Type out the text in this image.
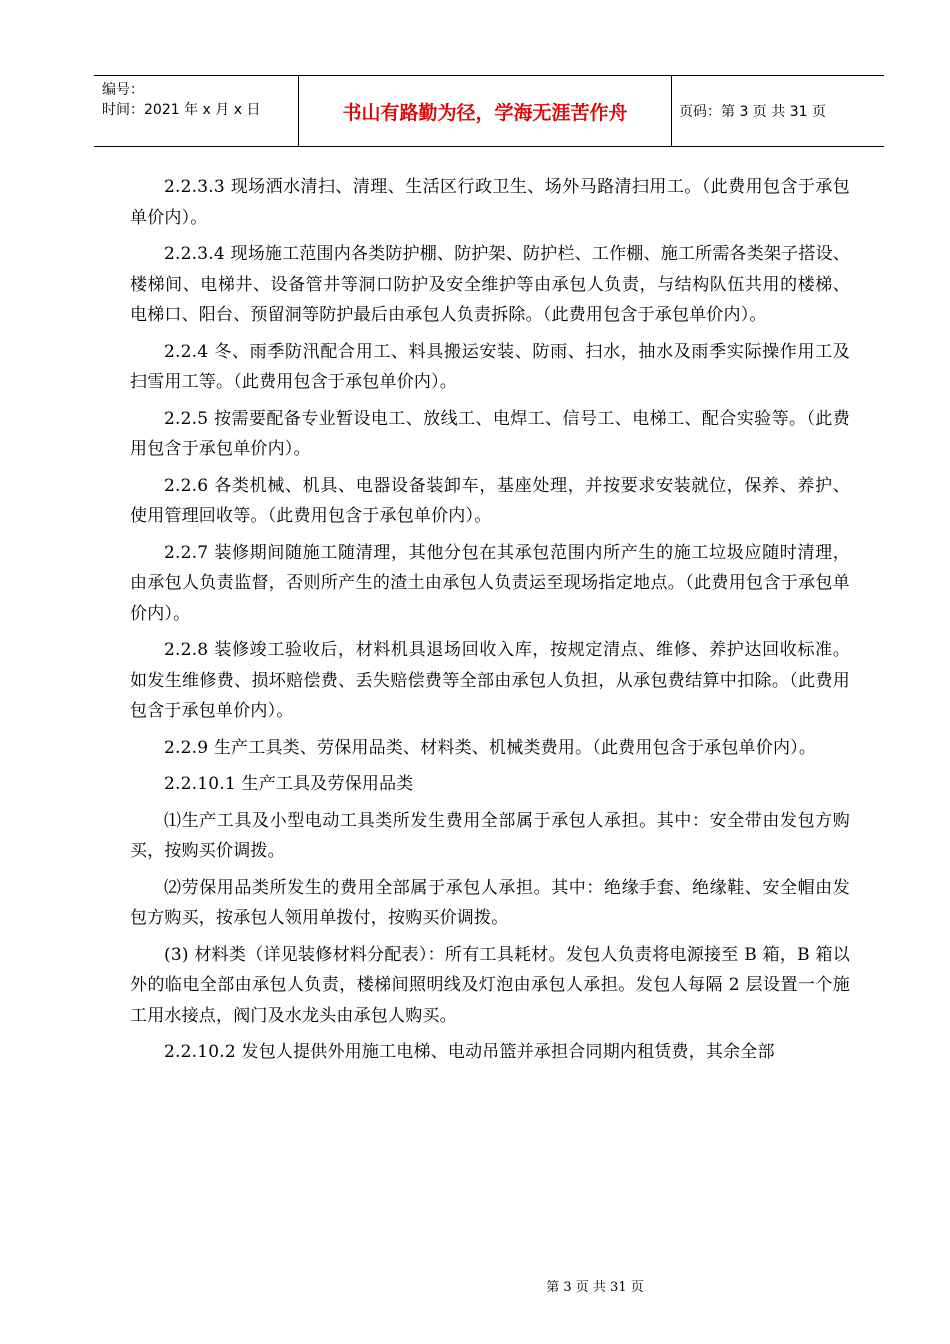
编号：
时间：2021 年 x 月 x 日	书山有路勤为径，学海无涯苦作舟	页码：第 3 页 共 31 页

2.2.3.3 现场洒水清扫、清理、生活区行政卫生、场外马路清扫用工。（此费用包含于承包单价内）。

2.2.3.4 现场施工范围内各类防护棚、防护架、防护栏、工作棚、施工所需各类架子搭设、楼梯间、电梯井、设备管井等洞口防护及安全维护等由承包人负责，与结构队伍共用的楼梯、电梯口、阳台、预留洞等防护最后由承包人负责拆除。（此费用包含于承包单价内）。

2.2.4 冬、雨季防汛配合用工、料具搬运安装、防雨、扫水，抽水及雨季实际操作用工及扫雪用工等。（此费用包含于承包单价内）。

2.2.5 按需要配备专业暂设电工、放线工、电焊工、信号工、电梯工、配合实验等。（此费用包含于承包单价内）。

2.2.6 各类机械、机具、电器设备装卸车，基座处理，并按要求安装就位，保养、养护、使用管理回收等。（此费用包含于承包单价内）。

2.2.7 装修期间随施工随清理，其他分包在其承包范围内所产生的施工垃圾应随时清理，由承包人负责监督，否则所产生的渣土由承包人负责运至现场指定地点。（此费用包含于承包单价内）。

2.2.8 装修竣工验收后，材料机具退场回收入库，按规定清点、维修、养护达回收标准。如发生维修费、损坏赔偿费、丢失赔偿费等全部由承包人负担，从承包费结算中扣除。（此费用包含于承包单价内）。

2.2.9 生产工具类、劳保用品类、材料类、机械类费用。（此费用包含于承包单价内）。

2.2.10.1 生产工具及劳保用品类

⑴生产工具及小型电动工具类所发生费用全部属于承包人承担。其中：安全带由发包方购买，按购买价调拨。

⑵劳保用品类所发生的费用全部属于承包人承担。其中：绝缘手套、绝缘鞋、安全帽由发包方购买，按承包人领用单拨付，按购买价调拨。

(3) 材料类（详见装修材料分配表）：所有工具耗材。发包人负责将电源接至 B 箱，B 箱以外的临电全部由承包人负责，楼梯间照明线及灯泡由承包人承担。发包人每隔 2 层设置一个施工用水接点，阀门及水龙头由承包人购买。

2.2.10.2 发包人提供外用施工电梯、电动吊篮并承担合同期内租赁费，其余全部

第 3 页 共 31 页
